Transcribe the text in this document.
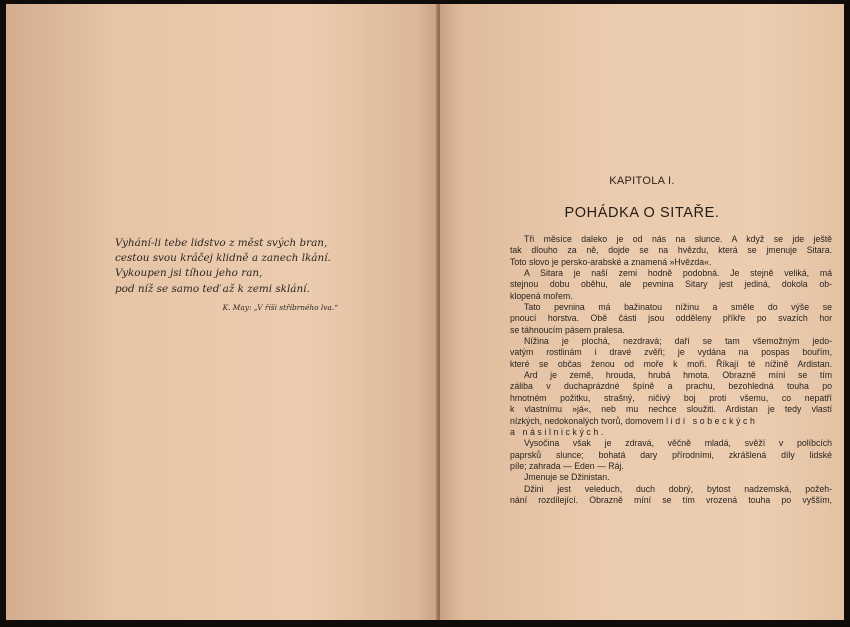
Vyhání-li tebe lidstvo z měst svých bran,
cestou svou kráčej klidně a zanech lkání.
Vykoupen jsi tíhou jeho ran,
pod níž se samo teď až k zemi sklání.
K. May: „V říši stříbrného lva.“
KAPITOLA I.
POHÁDKA O SITAŘE.
Tři měsíce daleko je od nás na slunce. A když se jde ještě
tak dlouho za ně, dojde se na hvězdu, která se jmenuje Sitara.
Toto slovo je persko-arabské a znamená »Hvězda«.
A Sitara je naší zemi hodně podobná. Je stejně veliká, má
stejnou dobu oběhu, ale pevnina Sitary jest jediná, dokola ob-
klopená mořem.
Tato pevnina má bažinatou nížinu a směle do výše se
pnoucí horstva. Obě části jsou odděleny příkře po svazích hor
se táhnoucím pásem pralesa.
Nížina je plochá, nezdravá; daří se tam všemožným jedo-
vatým rostlinám i dravé zvěři; je vydána na pospas bouřím,
které se občas ženou od moře k moři. Říkají té nížině Ardistan.
Ard je země, hrouda, hrubá hmota. Obrazně míní se tím
záliba v duchaprázdné špíně a prachu, bezohledná touha po
hmotném požitku, strašný, ničivý boj proti všemu, co nepatří
k vlastnímu »já«, neb mu nechce sloužiti. Ardistan je tedy vlastí
nízkých, nedokonalých tvorů, domovem lidí sobeckých
a násilnických.
Vysočina však je zdravá, věčně mladá, svěží v políbcích
paprsků slunce; bohatá dary přírodními, zkrášlená díly lidské
píle; zahrada — Eden — Ráj.
Jmenuje se Džinistan.
Džini jest veleduch, duch dobrý, bytost nadzemská, požeh-
nání rozdílející. Obrazně míní se tím vrozená touha po vyšším,
